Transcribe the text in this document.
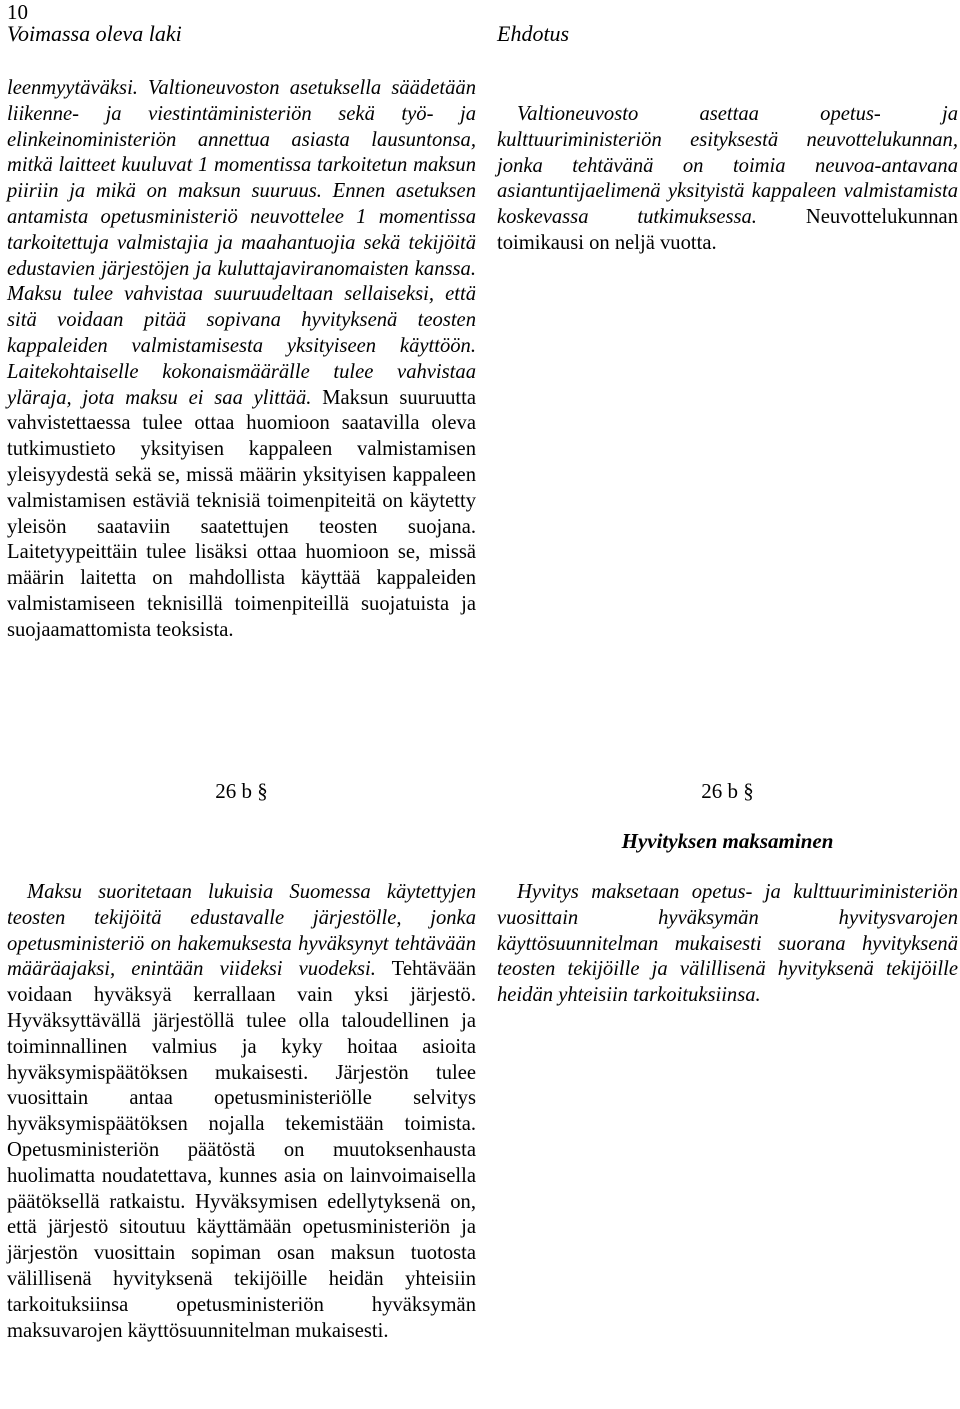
10
Voimassa oleva laki	Ehdotus

leenmyytäväksi. Valtioneuvoston asetuksella säädetään liikenne- ja viestintäministeriön sekä työ- ja elinkeinoministeriön annettua asiasta lausuntonsa, mitkä laitteet kuuluvat 1 momentissa tarkoitetun maksun piiriin ja mikä on maksun suuruus. Ennen asetuksen antamista opetusministeriö neuvottelee 1 momentissa tarkoitettuja valmistajia ja maahantuojia sekä tekijöitä edustavien järjestöjen ja kuluttajaviranomaisten kanssa. Maksu tulee vahvistaa suuruudeltaan sellaiseksi, että sitä voidaan pitää sopivana hyvityksenä teosten kappaleiden valmistamisesta yksityiseen käyttöön. Laitekohtaiselle kokonaismäärälle tulee vahvistaa yläraja, jota maksu ei saa ylittää. Maksun suuruutta vahvistettaessa tulee ottaa huomioon saatavilla oleva tutkimustieto yksityisen kappaleen valmistamisen yleisyydestä sekä se, missä määrin yksityisen kappaleen valmistamisen estäviä teknisiä toimenpiteitä on käytetty yleisön saataviin saatettujen teosten suojana. Laitetyypeittäin tulee lisäksi ottaa huomioon se, missä määrin laitetta on mahdollista käyttää kappaleiden valmistamiseen teknisillä toimenpiteillä suojatuista ja suojaamattomista teoksista.

26 b §

Maksu suoritetaan lukuisia Suomessa käytettyjen teosten tekijöitä edustavalle järjestölle, jonka opetusministeriö on hakemuksesta hyväksynyt tehtävään määräajaksi, enintään viideksi vuodeksi. Tehtävään voidaan hyväksyä kerrallaan vain yksi järjestö. Hyväksyttävällä järjestöllä tulee olla taloudellinen ja toiminnallinen valmius ja kyky hoitaa asioita hyväksymispäätöksen mukaisesti. Järjestön tulee vuosittain antaa opetusministeriölle selvitys hyväksymispäätöksen nojalla tekemistään toimista. Opetusministeriön päätöstä on muutoksenhausta huolimatta noudatettava, kunnes asia on lainvoimaisella päätöksellä ratkaistu. Hyväksymisen edellytyksenä on, että järjestö sitoutuu käyttämään opetusministeriön ja järjestön vuosittain sopiman osan maksun tuotosta välillisenä hyvityksenä tekijöille heidän yhteisiin tarkoituksiinsa opetusministeriön hyväksymän maksuvarojen käyttösuunnitelman mukaisesti.

Valtioneuvosto asettaa opetus- ja kulttuuriministeriön esityksestä neuvottelukunnan, jonka tehtävänä on toimia neuvoa-antavana asiantuntijaelimenä yksityistä kappaleen valmistamista koskevassa tutkimuksessa. Neuvottelukunnan toimikausi on neljä vuotta.

26 b §
Hyvityksen maksaminen

Hyvitys maksetaan opetus- ja kulttuuriministeriön vuosittain hyväksymän hyvitysvarojen käyttösuunnitelman mukaisesti suorana hyvityksenä teosten tekijöille ja välillisenä hyvityksenä tekijöille heidän yhteisiin tarkoituksiinsa.
